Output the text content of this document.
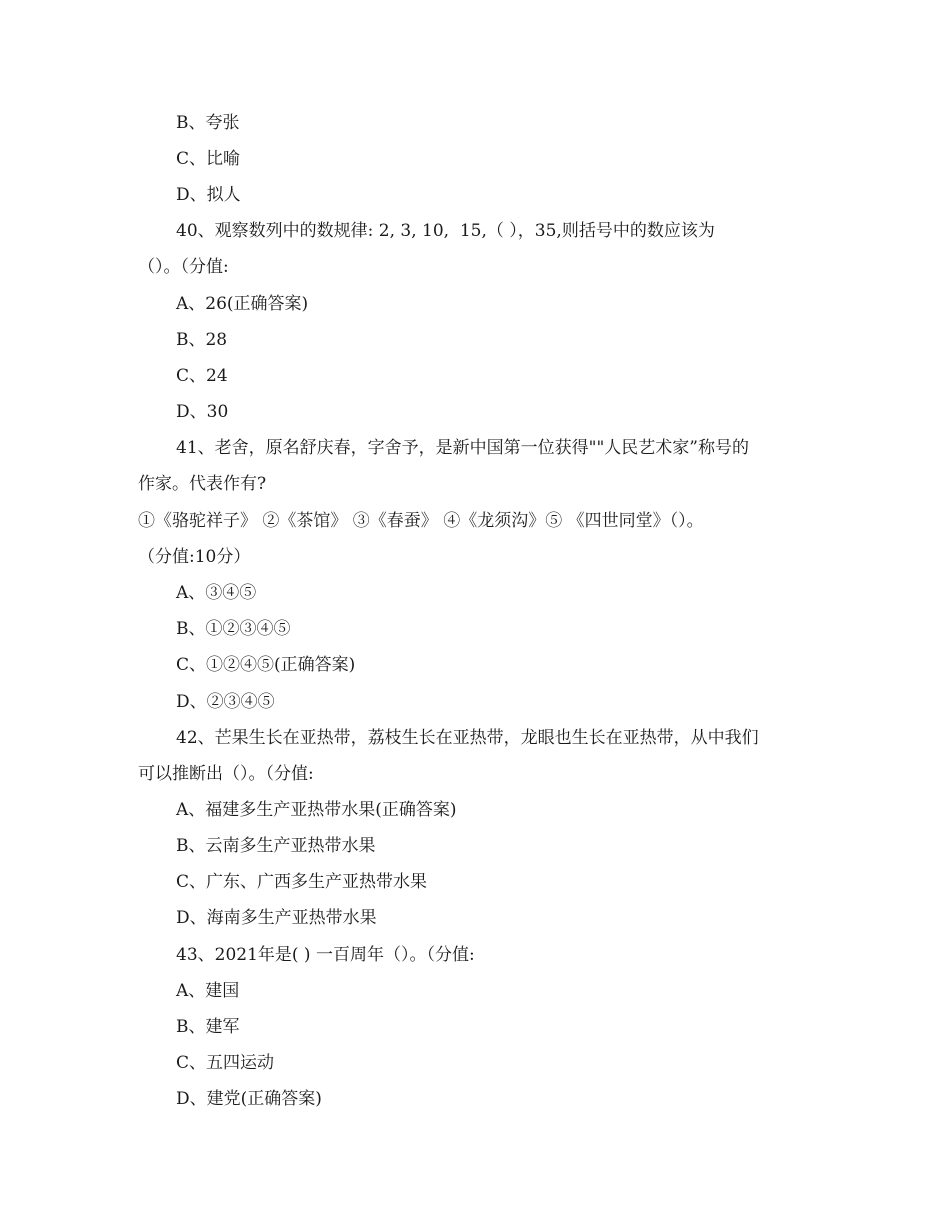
B、夸张
C、比喻
D、拟人
40、观察数列中的数规律: 2, 3, 10,  15,（ ），35,则括号中的数应该为
（）。（分值:
A、26(正确答案)
B、28
C、24
D、30
41、老舍，原名舒庆春，字舍予，是新中国第一位获得""人民艺术家”称号的
作家。代表作有?
①《骆驼祥子》 ②《茶馆》 ③《春蚕》 ④《龙须沟》⑤ 《四世同堂》（）。
（分值:10分）
A、③④⑤
B、①②③④⑤
C、①②④⑤(正确答案)
D、②③④⑤
42、芒果生长在亚热带，荔枝生长在亚热带，龙眼也生长在亚热带，从中我们
可以推断出（）。（分值:
A、福建多生产亚热带水果(正确答案)
B、云南多生产亚热带水果
C、广东、广西多生产亚热带水果
D、海南多生产亚热带水果
43、2021年是( ) 一百周年（）。（分值:
A、建国
B、建军
C、五四运动
D、建党(正确答案)
